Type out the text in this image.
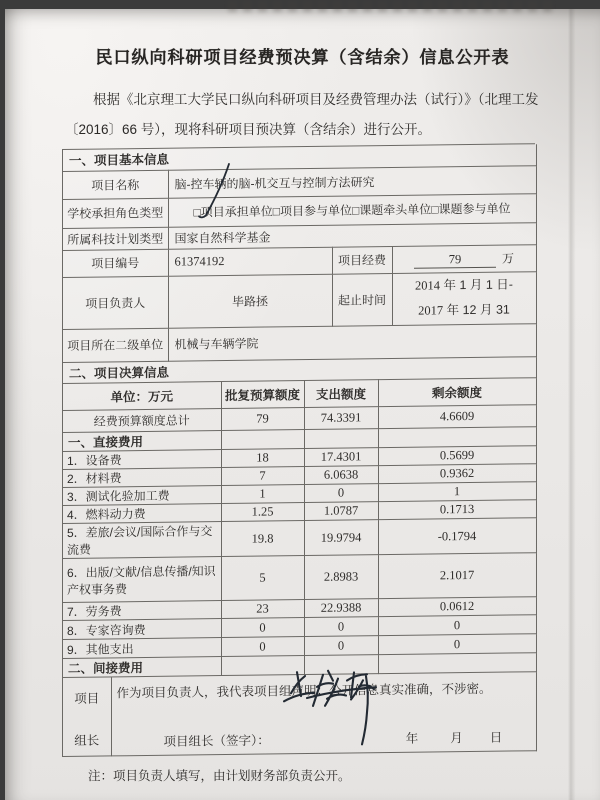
民口纵向科研项目经费预决算（含结余）信息公开表
根据《北京理工大学民口纵向科研项目及经费管理办法（试行）》（北理工发
〔2016〕66 号），现将科研项目预决算（含结余）进行公开。
一、项目基本信息			
项目名称	脑-控车辆的脑-机交互与控制方法研究		
学校承担角色类型	□项目承担单位□项目参与单位□课题牵头单位□课题参与单位		
所属科技计划类型	国家自然科学基金		
项目编号	61374192	项目经费	79 万
项目负责人	毕路拯	起止时间	2014 年 1 月 1 日-
2017 年 12 月 31

项目所在二级单位	机械与车辆学院		
二、项目决算信息			
单位：万元	批复预算额度	支出额度	剩余额度
经费预算额度总计	79	74.3391	4.6609
一、直接费用			
1．设备费	18	17.4301	0.5699
2．材料费	7	6.0638	0.9362
3．测试化验加工费	1	0	1
4．燃料动力费	1.25	1.0787	0.1713
5．差旅/会议/国际合作与交流费	19.8	19.9794	-0.1794
6．出版/文献/信息传播/知识产权事务费	5	2.8983	2.1017
7．劳务费	23	22.9388	0.0612
8．专家咨询费	0	0	0
9．其他支出	0	0	0
二、间接费用			
项目
组长

作为项目负责人，我代表项目组声明：公开信息真实准确，不涉密。
项目组长（签字）：	年	月 日
注：项目负责人填写，由计划财务部负责公开。
